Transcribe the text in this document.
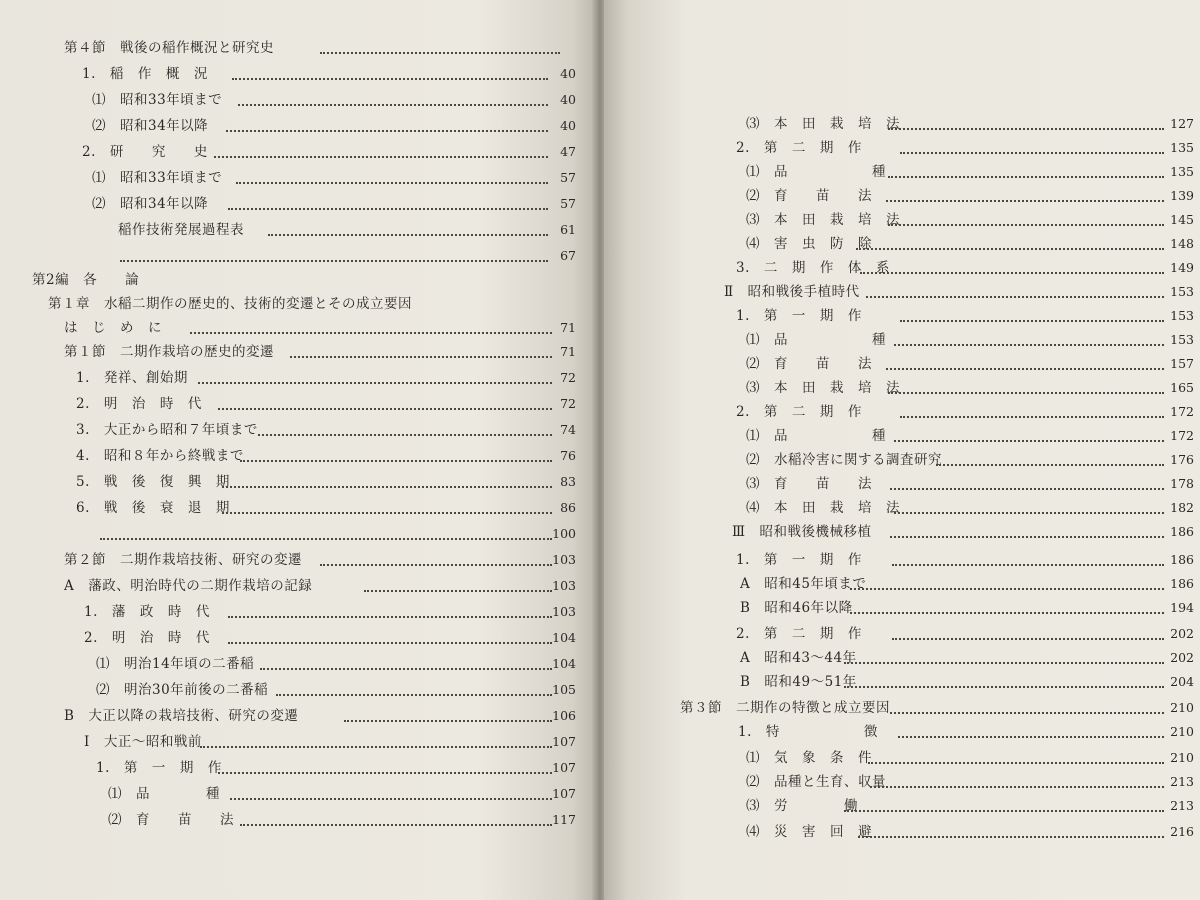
第４節　戦後の稲作概況と研究史
1.　稲　作　概　況	40
⑴　昭和33年頃まで	40
⑵　昭和34年以降	40
2.　研　　究　　史	47
⑴　昭和33年頃まで	57
⑵　昭和34年以降	57
稲作技術発展過程表	61
67
第2編　各　　論
第１章　水稲二期作の歴史的、技術的変遷とその成立要因
は　じ　め　に	71
第１節　二期作栽培の歴史的変遷	71
1.　発祥、創始期	72
2.　明　治　時　代	72
3.　大正から昭和７年頃まで	74
4.　昭和８年から終戦まで	76
5.　戦　後　復　興　期	83
6.　戦　後　衰　退　期	86
100
第２節　二期作栽培技術、研究の変遷	103
A　藩政、明治時代の二期作栽培の記録	103
1.　藩　政　時　代	103
2.　明　治　時　代	104
⑴　明治14年頃の二番稲	104
⑵　明治30年前後の二番稲	105
B　大正以降の栽培技術、研究の変遷	106
Ⅰ　大正～昭和戦前	107
1.　第　一　期　作	107
⑴　品　　　　種	107
⑵　育　　苗　　法	117
⑶　本　田　栽　培　法	127
2.　第　二　期　作	135
⑴　品　　　　　　種	135
⑵　育　　苗　　法	139
⑶　本　田　栽　培　法	145
⑷　害　虫　防　除	148
3.　二　期　作　体　系	149
Ⅱ　昭和戦後手植時代	153
1.　第　一　期　作	153
⑴　品　　　　　　種	153
⑵　育　　苗　　法	157
⑶　本　田　栽　培　法	165
2.　第　二　期　作	172
⑴　品　　　　　　種	172
⑵　水稲冷害に関する調査研究	176
⑶　育　　苗　　法	178
⑷　本　田　栽　培　法	182
Ⅲ　昭和戦後機械移植	186
1.　第　一　期　作	186
A　昭和45年頃まで	186
B　昭和46年以降	194
2.　第　二　期　作	202
A　昭和43～44年	202
B　昭和49～51年	204
第３節　二期作の特徴と成立要因	210
1.　特　　　　　　徴	210
⑴　気　象　条　件	210
⑵　品種と生育、収量	213
⑶　労　　　　働	213
⑷　災　害　回　避	216
